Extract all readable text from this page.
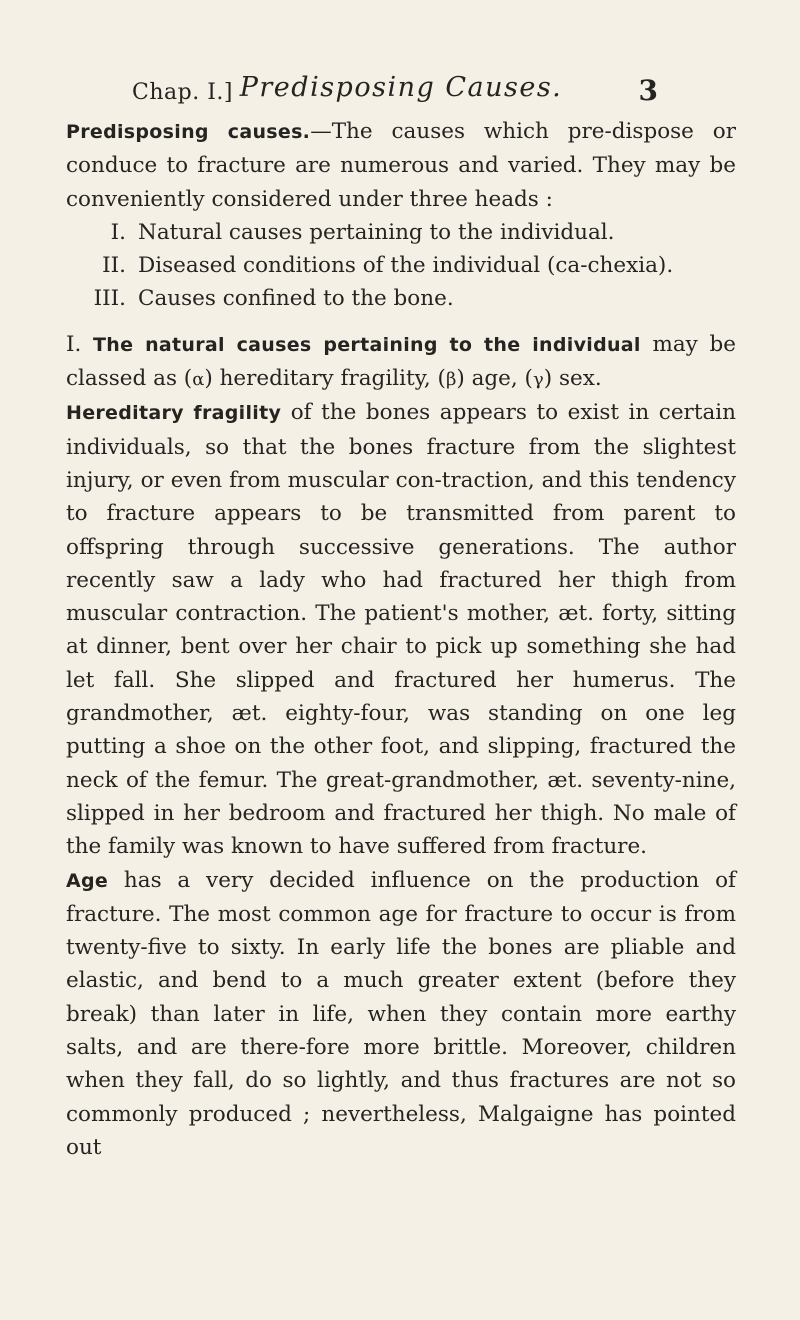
Chap. I.] Predisposing Causes.	3

Predisposing causes.—The causes which pre-dispose or conduce to fracture are numerous and varied. They may be conveniently considered under three heads :

I. Natural causes pertaining to the individual.
II. Diseased conditions of the individual (ca-chexia).
III. Causes confined to the bone.

I. The natural causes pertaining to the individual may be classed as (α) hereditary fragility, (β) age, (γ) sex.

Hereditary fragility of the bones appears to exist in certain individuals, so that the bones fracture from the slightest injury, or even from muscular con-traction, and this tendency to fracture appears to be transmitted from parent to offspring through successive generations. The author recently saw a lady who had fractured her thigh from muscular contraction. The patient's mother, æt. forty, sitting at dinner, bent over her chair to pick up something she had let fall. She slipped and fractured her humerus. The grandmother, æt. eighty-four, was standing on one leg putting a shoe on the other foot, and slipping, fractured the neck of the femur. The great-grandmother, æt. seventy-nine, slipped in her bedroom and fractured her thigh. No male of the family was known to have suffered from fracture.

Age has a very decided influence on the production of fracture. The most common age for fracture to occur is from twenty-five to sixty. In early life the bones are pliable and elastic, and bend to a much greater extent (before they break) than later in life, when they contain more earthy salts, and are there-fore more brittle. Moreover, children when they fall, do so lightly, and thus fractures are not so commonly produced ; nevertheless, Malgaigne has pointed out
